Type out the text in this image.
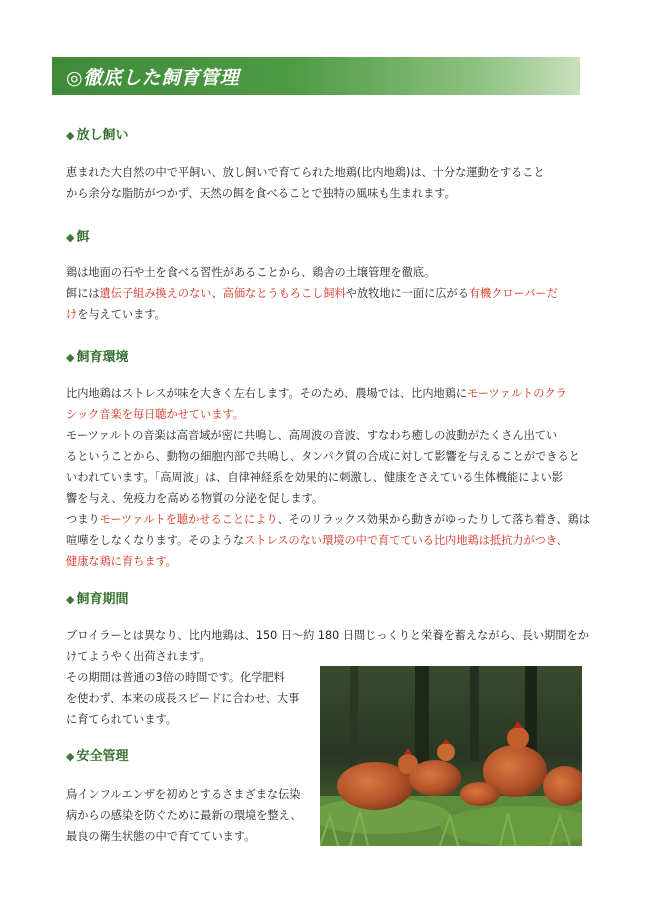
◎徹底した飼育管理
◆ 放し飼い
恵まれた大自然の中で平飼い、放し飼いで育てられた地鶏(比内地鶏)は、十分な運動をすること
から余分な脂肪がつかず、天然の餌を食べることで独特の風味も生まれます。
◆ 餌
鶏は地面の石や土を食べる習性があることから、鶏舎の土壌管理を徹底。
餌には遺伝子組み換えのない、高価なとうもろこし飼料や放牧地に一面に広がる有機クローバーだ
けを与えています。
◆ 飼育環境
比内地鶏はストレスが味を大きく左右します。そのため、農場では、比内地鶏にモーツァルトのクラ
シック音楽を毎日聴かせています。
モーツァルトの音楽は高音域が密に共鳴し、高周波の音波、すなわち癒しの波動がたくさん出てい
るということから、動物の細胞内部で共鳴し、タンパク質の合成に対して影響を与えることができると
いわれています。「高周波」は、自律神経系を効果的に刺激し、健康をさえている生体機能によい影
響を与え、免疫力を高める物質の分泌を促します。
つまりモーツァルトを聴かせることにより、そのリラックス効果から動きがゆったりして落ち着き、鶏は
喧嘩をしなくなります。そのようなストレスのない環境の中で育てている比内地鶏は抵抗力がつき、
健康な鶏に育ちます。
◆ 飼育期間
ブロイラーとは異なり、比内地鶏は、150 日～約 180 日間じっくりと栄養を蓄えながら、長い期間をか
けてようやく出荷されます。
その期間は普通の3倍の時間です。化学肥料
を使わず、本来の成長スピードに合わせ、大事
に育てられています。
◆ 安全管理
鳥インフルエンザを初めとするさまざまな伝染
病からの感染を防ぐために最新の環境を整え、
最良の衛生状態の中で育てています。
